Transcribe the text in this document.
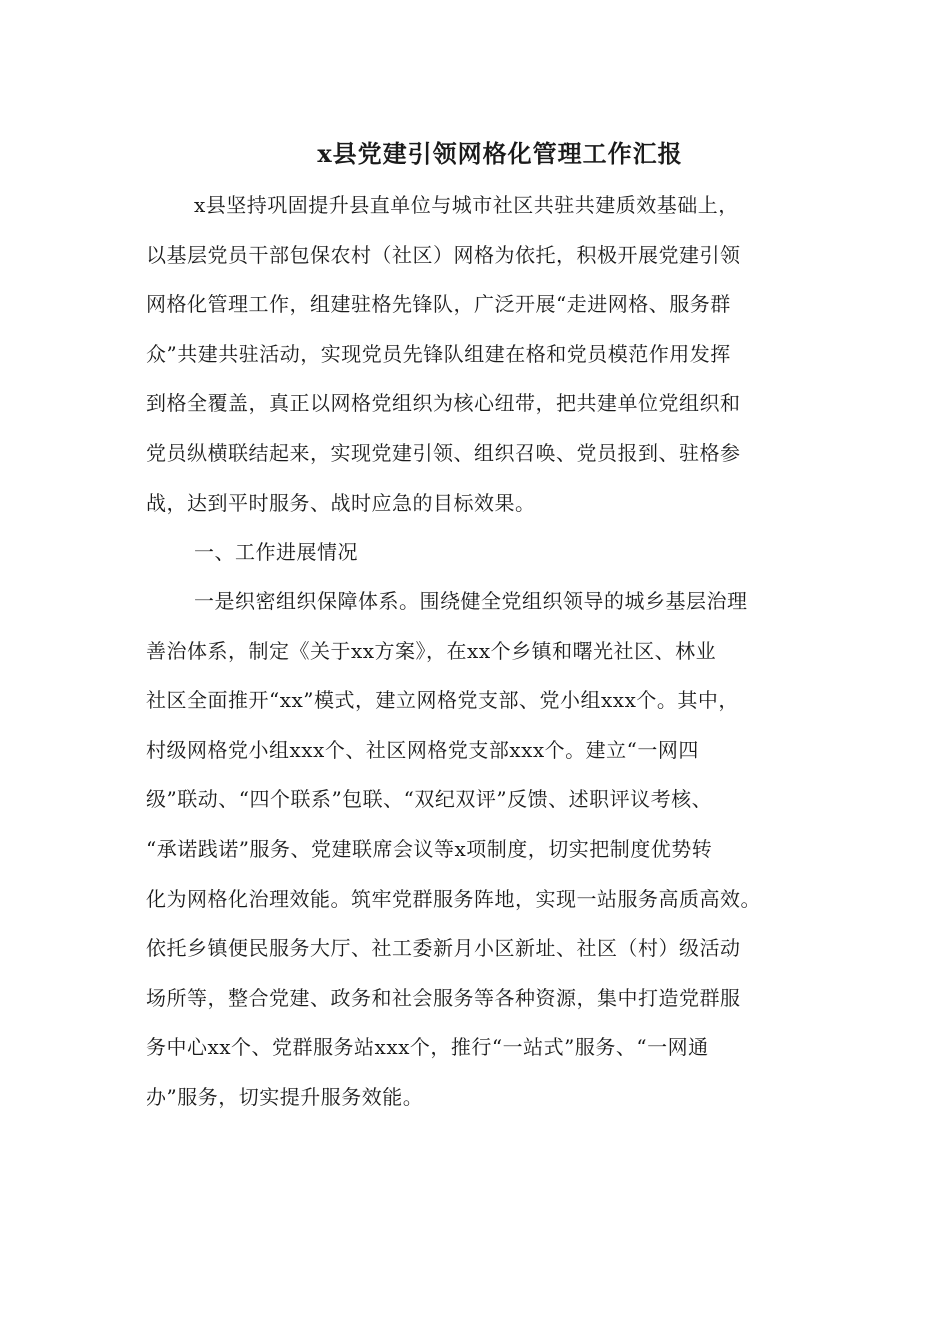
x县党建引领网格化管理工作汇报
x县坚持巩固提升县直单位与城市社区共驻共建质效基础上，
以基层党员干部包保农村（社区）网格为依托，积极开展党建引领
网格化管理工作，组建驻格先锋队，广泛开展“走进网格、服务群
众”共建共驻活动，实现党员先锋队组建在格和党员模范作用发挥
到格全覆盖，真正以网格党组织为核心纽带，把共建单位党组织和
党员纵横联结起来，实现党建引领、组织召唤、党员报到、驻格参
战，达到平时服务、战时应急的目标效果。
一、工作进展情况
一是织密组织保障体系。围绕健全党组织领导的城乡基层治理
善治体系，制定《关于xx方案》，在xx个乡镇和曙光社区、林业
社区全面推开“xx”模式，建立网格党支部、党小组xxx个。其中，
村级网格党小组xxx个、社区网格党支部xxx个。建立“一网四
级”联动、“四个联系”包联、“双纪双评”反馈、述职评议考核、
“承诺践诺”服务、党建联席会议等x项制度，切实把制度优势转
化为网格化治理效能。筑牢党群服务阵地，实现一站服务高质高效。
依托乡镇便民服务大厅、社工委新月小区新址、社区（村）级活动
场所等，整合党建、政务和社会服务等各种资源，集中打造党群服
务中心xx个、党群服务站xxx个，推行“一站式”服务、“一网通
办”服务，切实提升服务效能。
